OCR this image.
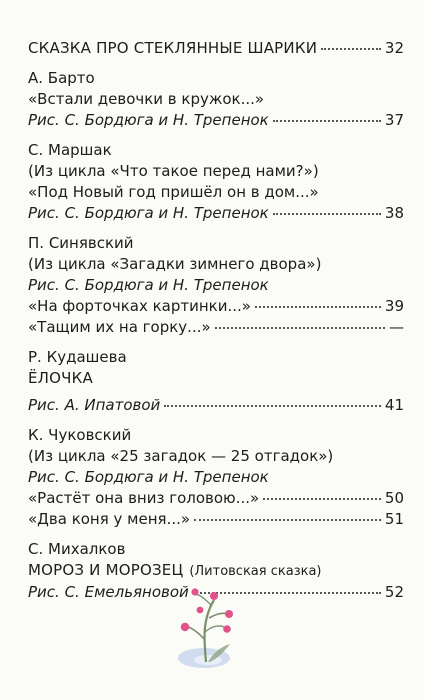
СКАЗКА ПРО СТЕКЛЯННЫЕ ШАРИКИ	32
А. Барто
«Встали девочки в кружок...»
Рис. С. Бордюга и Н. Трепенок	37
С. Маршак
(Из цикла «Что такое перед нами?»)
«Под Новый год пришёл он в дом...»
Рис. С. Бордюга и Н. Трепенок	38
П. Синявский
(Из цикла «Загадки зимнего двора»)
Рис. С. Бордюга и Н. Трепенок
«На форточках картинки...»	39
«Тащим их на горку...»	—
Р. Кудашева
ЁЛОЧКА
Рис. А. Ипатовой	41
К. Чуковский
(Из цикла «25 загадок — 25 отгадок»)
Рис. С. Бордюга и Н. Трепенок
«Растёт она вниз головою...»	50
«Два коня у меня...»	51
С. Михалков
МОРОЗ И МОРОЗЕЦ (Литовская сказка)
Рис. С. Емельяновой	52
